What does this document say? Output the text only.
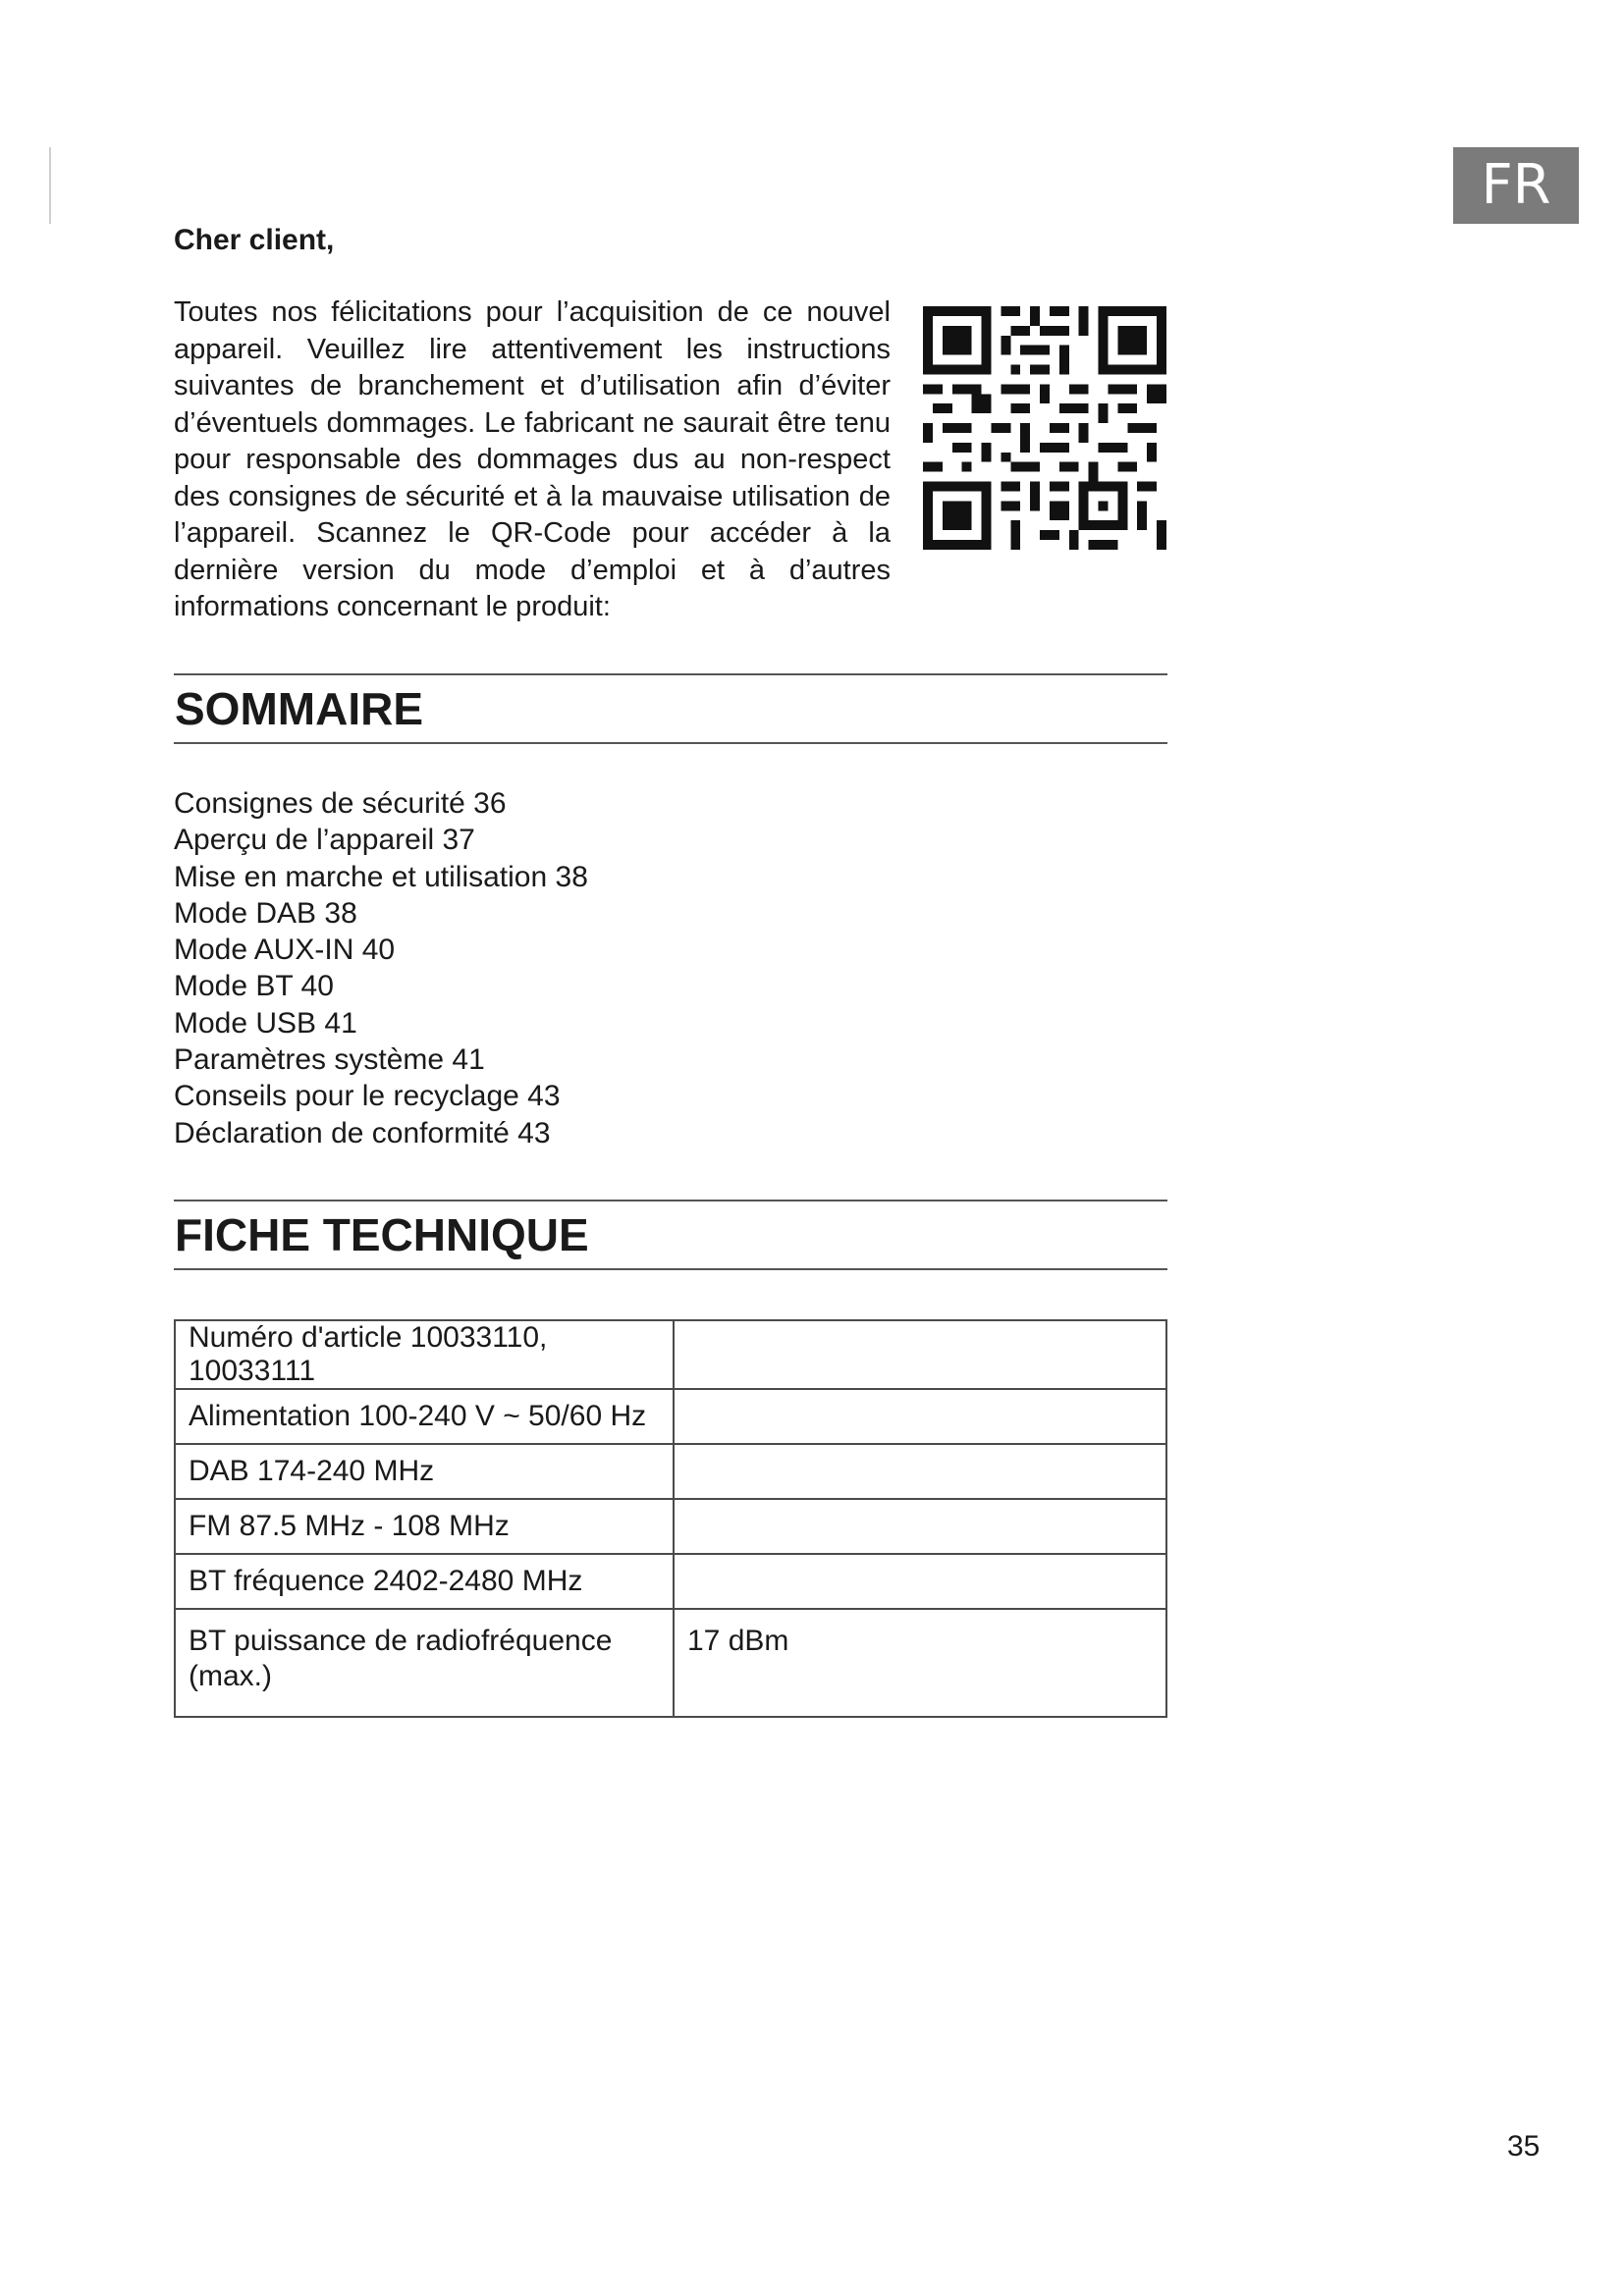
FR
Cher client,

Toutes nos félicitations pour l’acquisition de ce nouvel appareil. Veuillez lire attentivement les instructions suivantes de branchement et d’utilisation afin d’éviter d’éventuels dommages. Le fabricant ne saurait être tenu pour responsable des dommages dus au non-respect des consignes de sécurité et à la mauvaise utilisation de l’appareil. Scannez le QR-Code pour accéder à la dernière version du mode d’emploi et à d’autres informations concernant le produit:

SOMMAIRE
Consignes de sécurité 36
Aperçu de l’appareil 37
Mise en marche et utilisation 38
Mode DAB 38
Mode AUX-IN 40
Mode BT 40
Mode USB 41
Paramètres système 41
Conseils pour le recyclage 43
Déclaration de conformité 43
FICHE TECHNIQUE
Numéro d'article 10033110, 10033111	
Alimentation 100-240 V ~ 50/60 Hz	
DAB 174-240 MHz	
FM 87.5 MHz - 108 MHz	
BT fréquence 2402-2480 MHz	
BT puissance de radiofréquence (max.)	17 dBm
35
